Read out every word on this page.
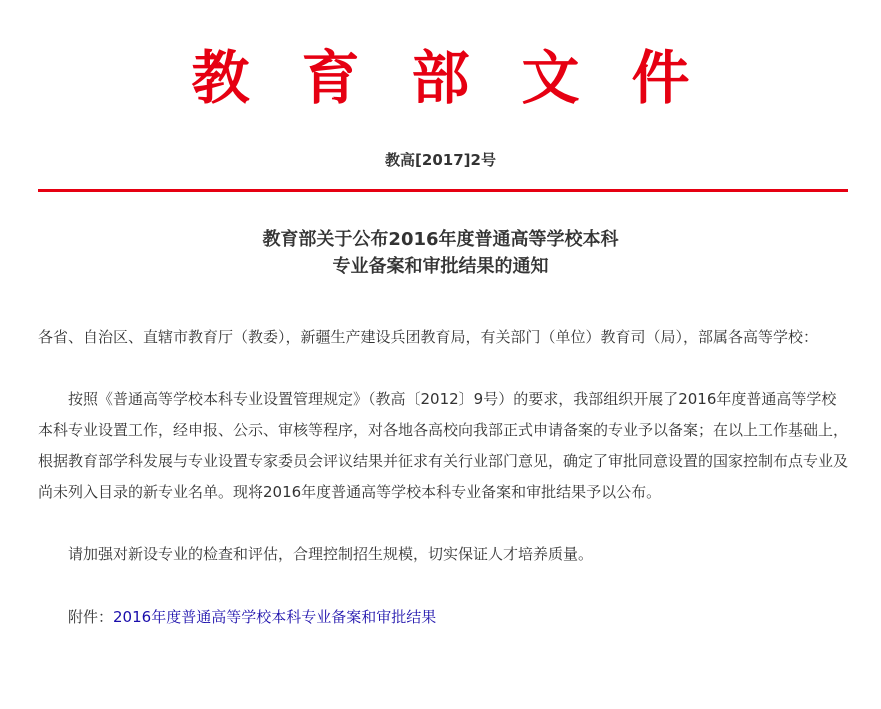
教育部文件
教高[2017]2号
教育部关于公布2016年度普通高等学校本科
专业备案和审批结果的通知

各省、自治区、直辖市教育厅（教委），新疆生产建设兵团教育局，有关部门（单位）教育司（局），部属各高等学校：

按照《普通高等学校本科专业设置管理规定》（教高〔2012〕9号）的要求，我部组织开展了2016年度普通高等学校本科专业设置工作，经申报、公示、审核等程序，对各地各高校向我部正式申请备案的专业予以备案；在以上工作基础上，根据教育部学科发展与专业设置专家委员会评议结果并征求有关行业部门意见，确定了审批同意设置的国家控制布点专业及尚未列入目录的新专业名单。现将2016年度普通高等学校本科专业备案和审批结果予以公布。

请加强对新设专业的检查和评估，合理控制招生规模，切实保证人才培养质量。

附件：2016年度普通高等学校本科专业备案和审批结果
